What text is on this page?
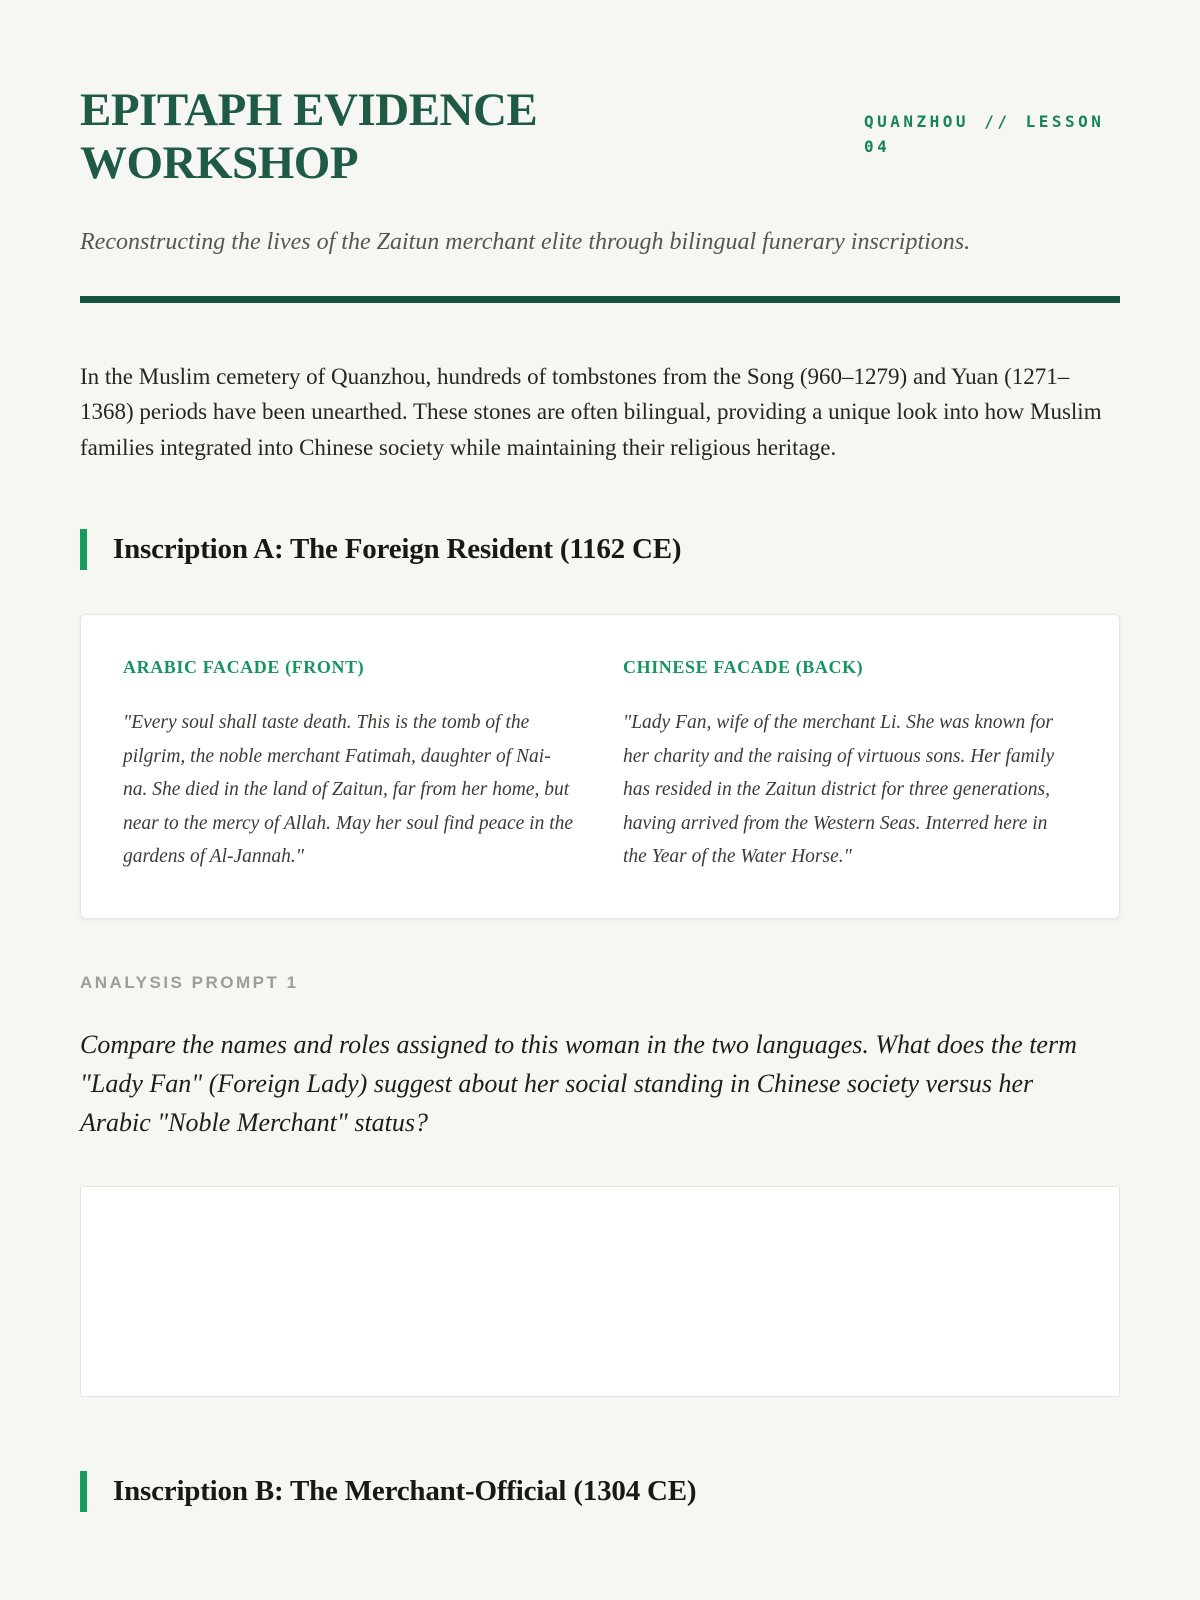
EPITAPH EVIDENCE WORKSHOP
QUANZHOU // LESSON 04

Reconstructing the lives of the Zaitun merchant elite through bilingual funerary inscriptions.

In the Muslim cemetery of Quanzhou, hundreds of tombstones from the Song (960–1279) and Yuan (1271–1368) periods have been unearthed. These stones are often bilingual, providing a unique look into how Muslim families integrated into Chinese society while maintaining their religious heritage.

Inscription A: The Foreign Resident (1162 CE)
ARABIC FACADE (FRONT)

"Every soul shall taste death. This is the tomb of the pilgrim, the noble merchant Fatimah, daughter of Nai-na. She died in the land of Zaitun, far from her home, but near to the mercy of Allah. May her soul find peace in the gardens of Al-Jannah."

CHINESE FACADE (BACK)

"Lady Fan, wife of the merchant Li. She was known for her charity and the raising of virtuous sons. Her family has resided in the Zaitun district for three generations, having arrived from the Western Seas. Interred here in the Year of the Water Horse."

ANALYSIS PROMPT 1

Compare the names and roles assigned to this woman in the two languages. What does the term "Lady Fan" (Foreign Lady) suggest about her social standing in Chinese society versus her Arabic "Noble Merchant" status?

Inscription B: The Merchant-Official (1304 CE)
